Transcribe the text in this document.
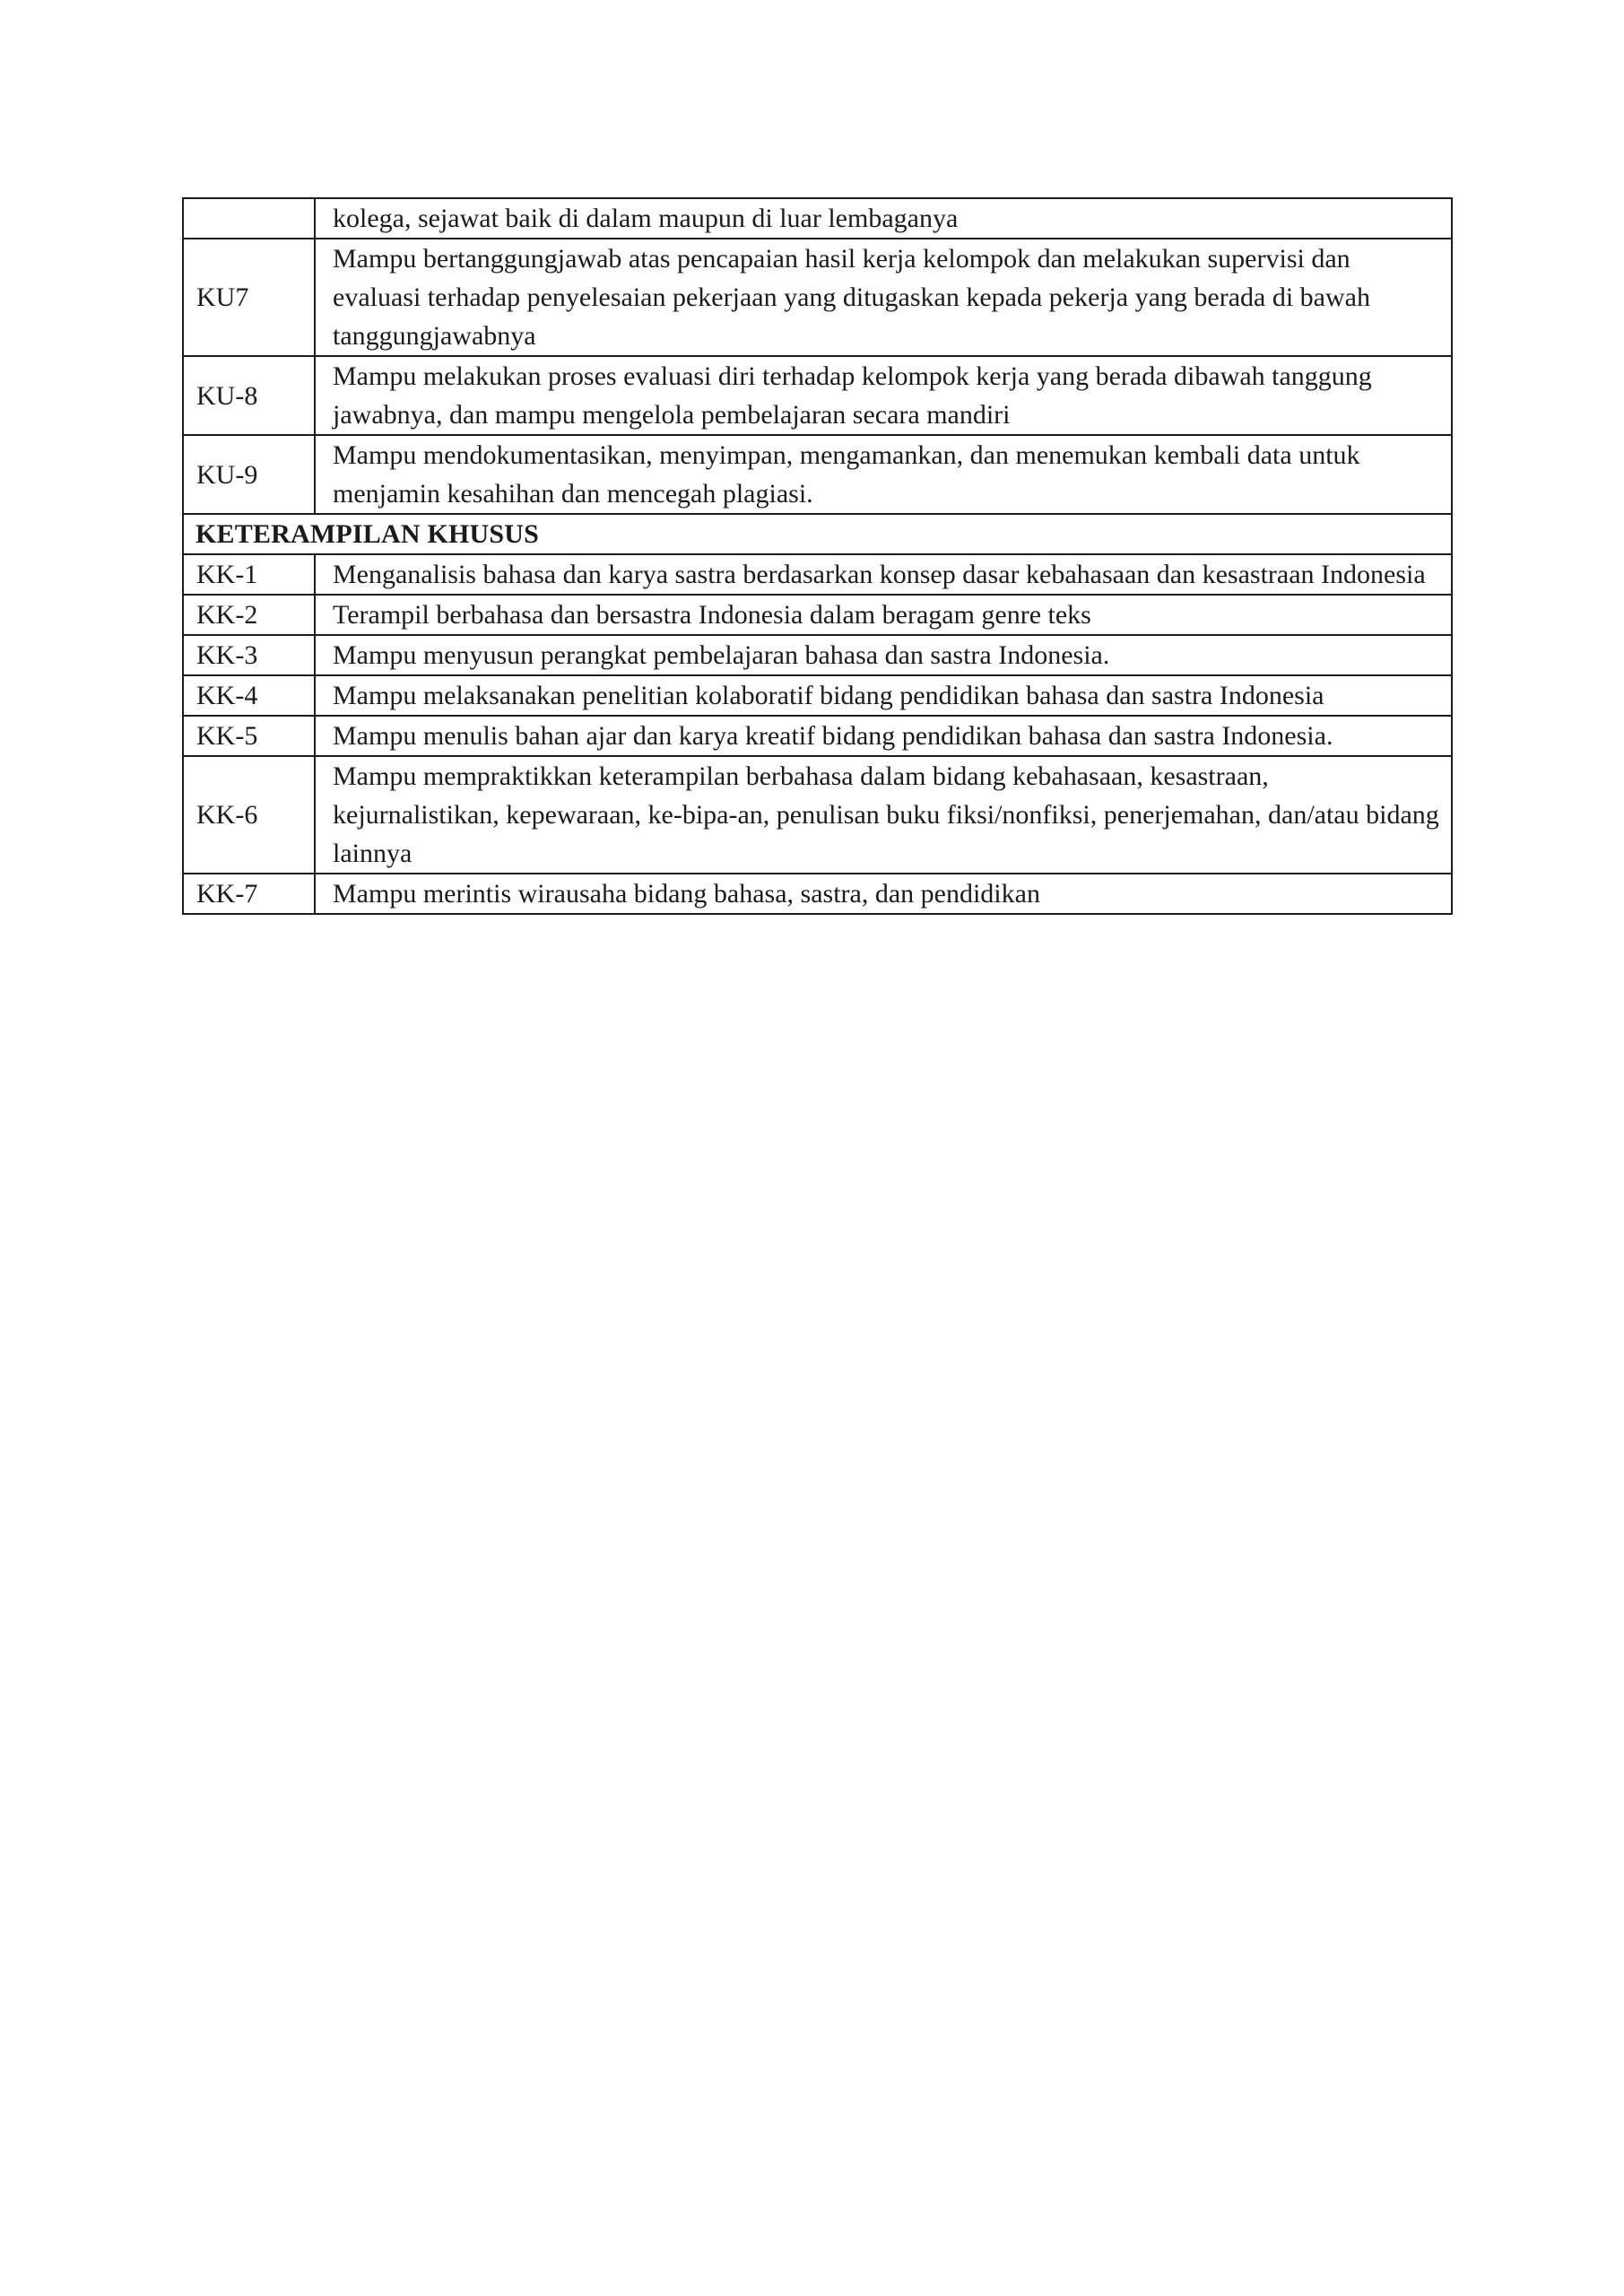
	kolega, sejawat baik di dalam maupun di luar lembaganya
KU7	Mampu bertanggungjawab atas pencapaian hasil kerja kelompok dan melakukan supervisi dan evaluasi terhadap penyelesaian pekerjaan yang ditugaskan kepada pekerja yang berada di bawah tanggungjawabnya
KU-8	Mampu melakukan proses evaluasi diri terhadap kelompok kerja yang berada dibawah tanggung jawabnya, dan mampu mengelola pembelajaran secara mandiri
KU-9	Mampu mendokumentasikan, menyimpan, mengamankan, dan menemukan kembali data untuk menjamin kesahihan dan mencegah plagiasi.
KETERAMPILAN KHUSUS	
KK-1	Menganalisis bahasa dan karya sastra berdasarkan konsep dasar kebahasaan dan kesastraan Indonesia
KK-2	Terampil berbahasa dan bersastra Indonesia dalam beragam genre teks
KK-3	Mampu menyusun perangkat pembelajaran bahasa dan sastra Indonesia.
KK-4	Mampu melaksanakan penelitian kolaboratif bidang pendidikan bahasa dan sastra Indonesia
KK-5	Mampu menulis bahan ajar dan karya kreatif bidang pendidikan bahasa dan sastra Indonesia.
KK-6	Mampu mempraktikkan keterampilan berbahasa dalam bidang kebahasaan, kesastraan, kejurnalistikan, kepewaraan, ke-bipa-an, penulisan buku fiksi/nonfiksi, penerjemahan, dan/atau bidang lainnya
KK-7	Mampu merintis wirausaha bidang bahasa, sastra, dan pendidikan
